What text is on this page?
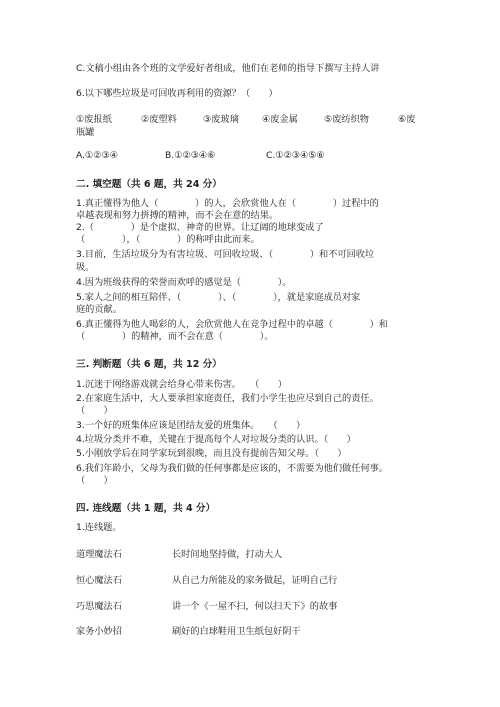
C.文稿小组由各个班的文学爱好者组成，他们在老师的指导下撰写主持人讲
6.以下哪些垃圾是可回收再利用的资源？（　　）
①废报纸	②废塑料	③废玻璃	④废金属	⑤废纺织物	⑥废
瓶罐
A.①②③④	B.①②③④⑥	C.①②③④⑤⑥
二. 填空题（共 6 题，共 24 分）
1.真正懂得为他人（　　　　）的人，会欣赏他人在（　　　　）过程中的
卓越表现和努力拼搏的精神，而不会在意的结果。
2.（　　　　）是个虚拟、神奇的世界。让辽阔的地球变成了
（　　　　），（　　　　）的称呼由此而来。
3.目前，生活垃圾分为有害垃圾、可回收垃圾、（　　　　）和不可回收垃
圾。
4.因为班级获得的荣誉而欢呼的感觉是（　　　　）。
5.家人之间的相互陪伴、（　　　　）、（　　　　），就是家庭成员对家
庭的贡献。
6.真正懂得为他人喝彩的人，会欣赏他人在竞争过程中的卓越（　　　　）和
（　　　　）的精神，而不会在意（　　　　）。
三. 判断题（共 6 题，共 12 分）
1.沉迷于网络游戏就会给身心带来伤害。　　（　　）
2.在家庭生活中，大人要承担家庭责任，我们小学生也应尽到自己的责任。
（　　）
3.一个好的班集体应该是团结友爱的班集体。　　（　　）
4.垃圾分类并不难，关键在于提高每个人对垃圾分类的认识。（　　）
5.小刚放学后在同学家玩到很晚，而且没有提前告知父母。（　　）
6.我们年龄小，父母为我们做的任何事都是应该的，不需要为他们做任何事。
（　　）
四. 连线题（共 1 题，共 4 分）
1.连线题。
道理魔法石	长时间地坚持做，打动大人
恒心魔法石	从自己力所能及的家务做起，证明自己行
巧思魔法石	讲一个《一屋不扫，何以扫天下》的故事
家务小妙招	刷好的白球鞋用卫生纸包好阴干
